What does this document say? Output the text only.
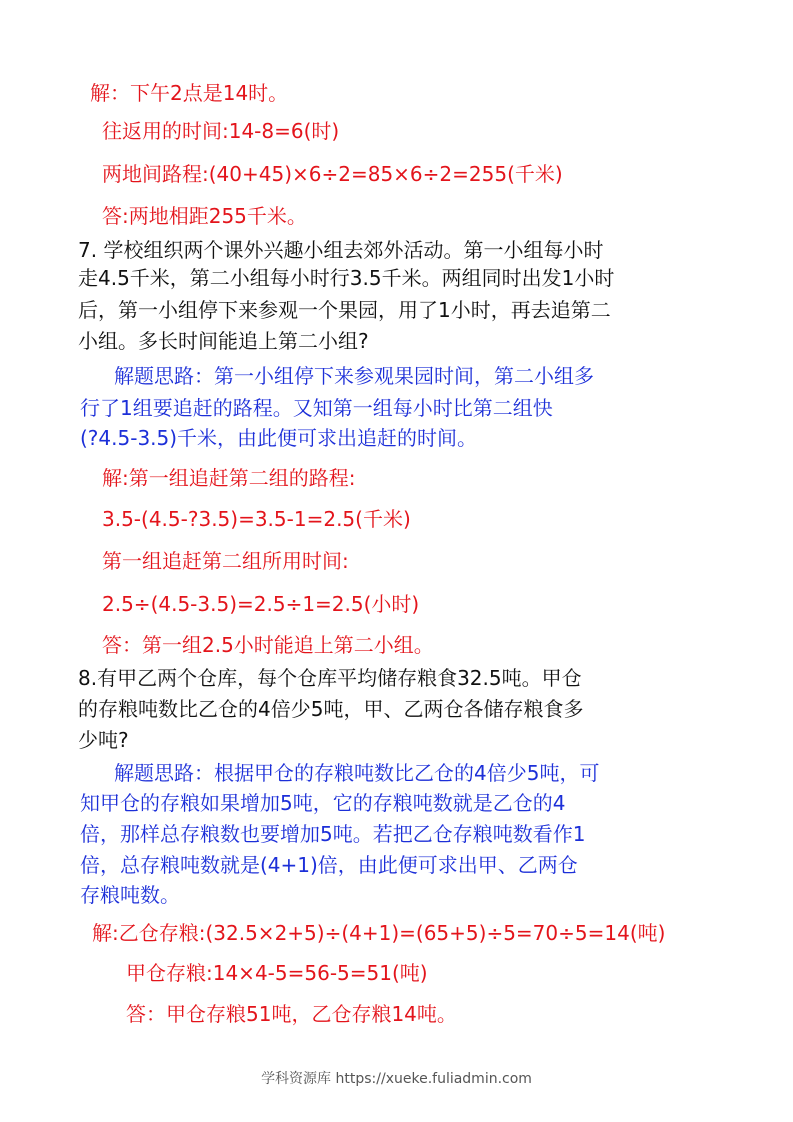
解：下午2点是14时。
往返用的时间:14-8=6(时)
两地间路程:(40+45)×6÷2=85×6÷2=255(千米)
答:两地相距255千米。
7. 学校组织两个课外兴趣小组去郊外活动。第一小组每小时
走4.5千米，第二小组每小时行3.5千米。两组同时出发1小时
后，第一小组停下来参观一个果园，用了1小时，再去追第二
小组。多长时间能追上第二小组?
解题思路：第一小组停下来参观果园时间，第二小组多
行了1组要追赶的路程。又知第一组每小时比第二组快
(?4.5-3.5)千米，由此便可求出追赶的时间。
解:第一组追赶第二组的路程:
3.5-(4.5-?3.5)=3.5-1=2.5(千米)
第一组追赶第二组所用时间:
2.5÷(4.5-3.5)=2.5÷1=2.5(小时)
答：第一组2.5小时能追上第二小组。
8.有甲乙两个仓库，每个仓库平均储存粮食32.5吨。甲仓
的存粮吨数比乙仓的4倍少5吨，甲、乙两仓各储存粮食多
少吨?
解题思路：根据甲仓的存粮吨数比乙仓的4倍少5吨，可
知甲仓的存粮如果增加5吨，它的存粮吨数就是乙仓的4
倍，那样总存粮数也要增加5吨。若把乙仓存粮吨数看作1
倍，总存粮吨数就是(4+1)倍，由此便可求出甲、乙两仓
存粮吨数。
解:乙仓存粮:(32.5×2+5)÷(4+1)=(65+5)÷5=70÷5=14(吨)
甲仓存粮:14×4-5=56-5=51(吨)
答：甲仓存粮51吨，乙仓存粮14吨。
学科资源库 https://xueke.fuliadmin.com
